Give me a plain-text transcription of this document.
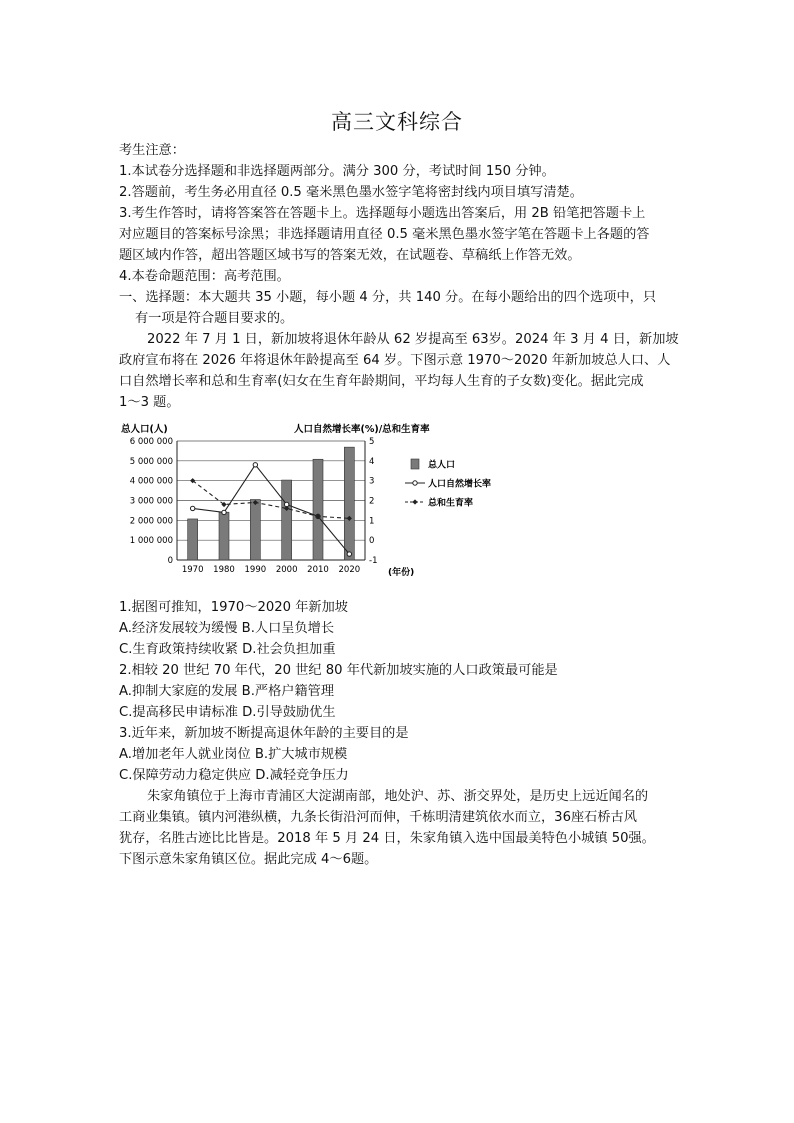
高三文科综合
考生注意：
1.本试卷分选择题和非选择题两部分。满分 300 分，考试时间 150 分钟。
2.答题前，考生务必用直径 0.5 毫米黑色墨水签字笔将密封线内项目填写清楚。
3.考生作答时，请将答案答在答题卡上。选择题每小题选出答案后，用 2B 铅笔把答题卡上
对应题目的答案标号涂黑；非选择题请用直径 0.5 毫米黑色墨水签字笔在答题卡上各题的答
题区域内作答，超出答题区域书写的答案无效，在试题卷、草稿纸上作答无效。
4.本卷命题范围：高考范围。
一、选择题：本大题共 35 小题，每小题 4 分，共 140 分。在每小题给出的四个选项中，只
有一项是符合题目要求的。
2022 年 7 月 1 日，新加坡将退休年龄从 62 岁提高至 63岁。2024 年 3 月 4 日，新加坡
政府宣布将在 2026 年将退休年龄提高至 64 岁。下图示意 1970～2020 年新加坡总人口、人
口自然增长率和总和生育率(妇女在生育年龄期间，平均每人生育的子女数)变化。据此完成
1～3 题。
总人口(人)	人口自然增长率(%)/总和生育率
(年份)
0
1 000 000
2 000 000
3 000 000
4 000 000
5 000 000
6 000 000
-1
0
1
2
3
4
5
1970 1980 1990 2000 2010 2020
总人口
人口自然增长率
总和生育率
1.据图可推知，1970～2020 年新加坡
A.经济发展较为缓慢 B.人口呈负增长
C.生育政策持续收紧 D.社会负担加重
2.相较 20 世纪 70 年代，20 世纪 80 年代新加坡实施的人口政策最可能是
A.抑制大家庭的发展 B.严格户籍管理
C.提高移民申请标准 D.引导鼓励优生
3.近年来，新加坡不断提高退休年龄的主要目的是
A.增加老年人就业岗位 B.扩大城市规模
C.保障劳动力稳定供应 D.减轻竞争压力
朱家角镇位于上海市青浦区大淀湖南部，地处沪、苏、浙交界处，是历史上远近闻名的
工商业集镇。镇内河港纵横，九条长街沿河而伸，千栋明清建筑依水而立，36座石桥古风
犹存，名胜古迹比比皆是。2018 年 5 月 24 日，朱家角镇入选中国最美特色小城镇 50强。
下图示意朱家角镇区位。据此完成 4～6题。
